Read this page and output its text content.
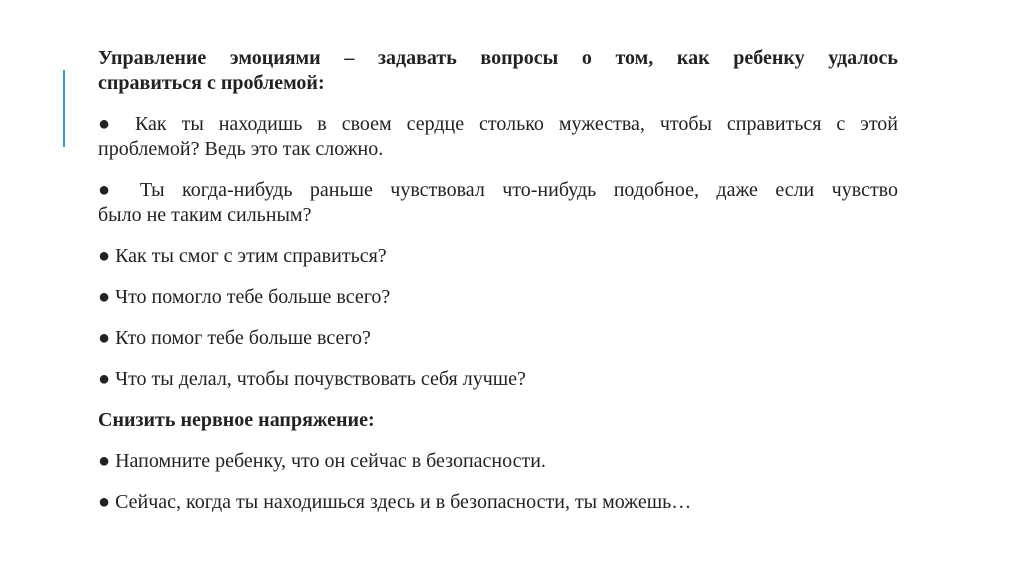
Управление эмоциями – задавать вопросы о том, как ребенку удалось
справиться с проблемой:
● Как ты находишь в своем сердце столько мужества, чтобы справиться с этой
проблемой? Ведь это так сложно.
● Ты когда-нибудь раньше чувствовал что-нибудь подобное, даже если чувство
было не таким сильным?
● Как ты смог с этим справиться?
● Что помогло тебе больше всего?
● Кто помог тебе больше всего?
● Что ты делал, чтобы почувствовать себя лучше?
Снизить нервное напряжение:
● Напомните ребенку, что он сейчас в безопасности.
● Сейчас, когда ты находишься здесь и в безопасности, ты можешь…
